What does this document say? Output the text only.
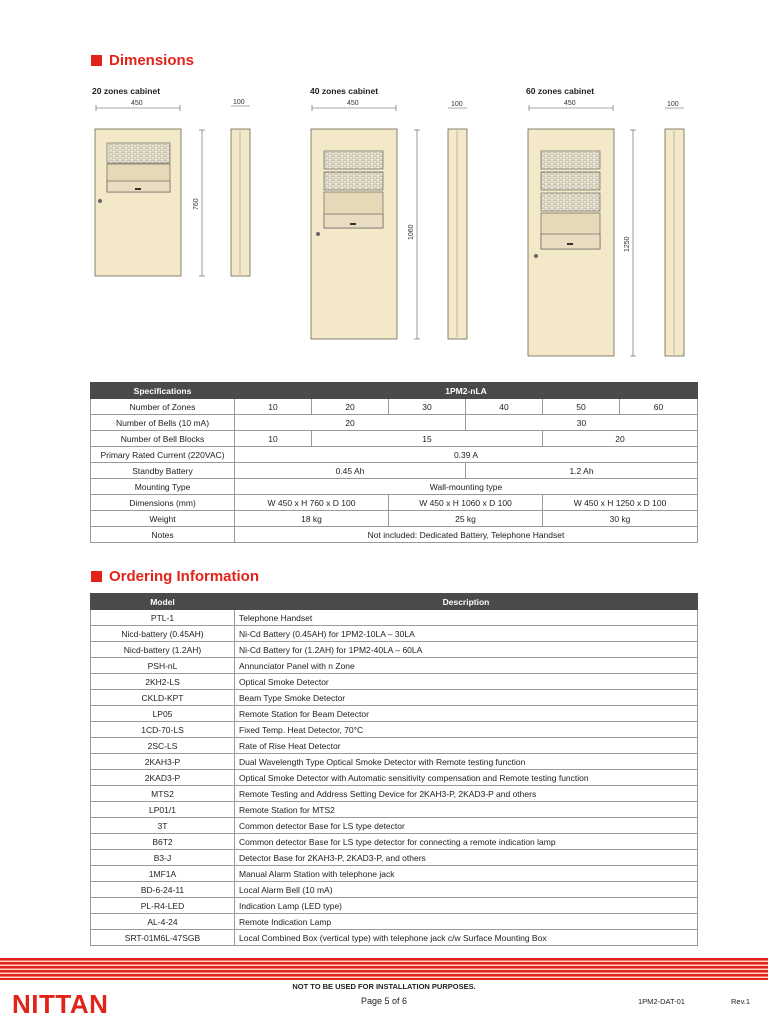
Dimensions
20 zones cabinet	40 zones cabinet	60 zones cabinet
450
760
100	450
1060
100	450
1250
100
Specifications	1PM2-nLA					
Number of Zones	10	20	30	40	50	60
Number of Bells (10 mA)	20			30		
Number of Bell Blocks	10	15			20	
Primary Rated Current (220VAC)	0.39 A					
Standby Battery	0.45 Ah			1.2 Ah		
Mounting Type	Wall-mounting type					
Dimensions (mm)	W 450 x H 760 x D 100		W 450 x H 1060 x D 100		W 450 x H 1250 x D 100	
Weight	18 kg		25 kg		30 kg	
Notes	Not included: Dedicated Battery, Telephone Handset					
Ordering Information
Model	Description
PTL-1	Telephone Handset
Nicd-battery (0.45AH)	Ni-Cd Battery (0.45AH) for 1PM2-10LA – 30LA
Nicd-battery (1.2AH)	Ni-Cd Battery for (1.2AH) for 1PM2-40LA – 60LA
PSH-nL	Annunciator Panel with n Zone
2KH2-LS	Optical Smoke Detector
CKLD-KPT	Beam Type Smoke Detector
LP05	Remote Station for Beam Detector
1CD-70-LS	Fixed Temp. Heat Detector, 70°C
2SC-LS	Rate of Rise Heat Detector
2KAH3-P	Dual Wavelength Type Optical Smoke Detector with Remote testing function
2KAD3-P	Optical Smoke Detector with Automatic sensitivity compensation and Remote testing function
MTS2	Remote Testing and Address Setting Device for 2KAH3-P, 2KAD3-P and others
LP01/1	Remote Station for MTS2
3T	Common detector Base for LS type detector
B6T2	Common detector Base for LS type detector for connecting a remote indication lamp
B3-J	Detector Base for 2KAH3-P, 2KAD3-P, and others
1MF1A	Manual Alarm Station with telephone jack
BD-6-24-11	Local Alarm Bell (10 mA)
PL-R4-LED	Indication Lamp (LED type)
AL-4-24	Remote Indication Lamp
SRT-01M6L-47SGB	Local Combined Box (vertical type) with telephone jack c/w Surface Mounting Box
NITTAN
NOT TO BE USED FOR INSTALLATION PURPOSES.
Page 5 of 6	1PM2-DAT-01	Rev.1
